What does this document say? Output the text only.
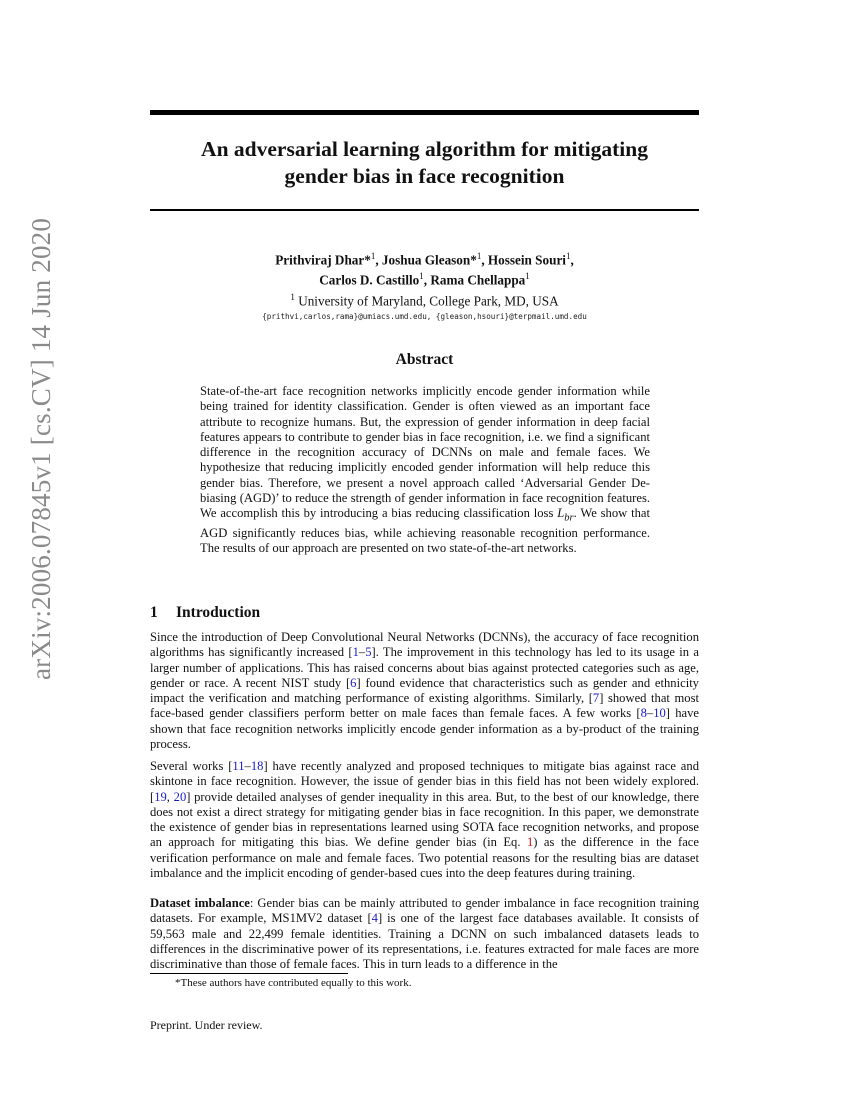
arXiv:2006.07845v1 [cs.CV] 14 Jun 2020
An adversarial learning algorithm for mitigating
gender bias in face recognition
Prithviraj Dhar*$^1$, Joshua Gleason*$^1$, Hossein Souri$^1$,
Carlos D. Castillo$^1$, Rama Chellappa$^1$
$^1$ University of Maryland, College Park, MD, USA
{prithvi,carlos,rama}@umiacs.umd.edu, {gleason,hsouri}@terpmail.umd.edu
Abstract
State-of-the-art face recognition networks implicitly encode gender information while being trained for identity classification. Gender is often viewed as an important face attribute to recognize humans. But, the expression of gender information in deep facial features appears to contribute to gender bias in face recognition, i.e. we find a significant difference in the recognition accuracy of DCNNs on male and female faces. We hypothesize that reducing implicitly encoded gender information will help reduce this gender bias. Therefore, we present a novel approach called ‘Adversarial Gender De-biasing (AGD)’ to reduce the strength of gender information in face recognition features. We accomplish this by introducing a bias reducing classification loss $L_{br}$. We show that AGD significantly reduces bias, while achieving reasonable recognition performance. The results of our approach are presented on two state-of-the-art networks.
1 Introduction

Since the introduction of Deep Convolutional Neural Networks (DCNNs), the accuracy of face recognition algorithms has significantly increased [1–5]. The improvement in this technology has led to its usage in a larger number of applications. This has raised concerns about bias against protected categories such as age, gender or race. A recent NIST study [6] found evidence that characteristics such as gender and ethnicity impact the verification and matching performance of existing algorithms. Similarly, [7] showed that most face-based gender classifiers perform better on male faces than female faces. A few works [8–10] have shown that face recognition networks implicitly encode gender information as a by-product of the training process.

Several works [11–18] have recently analyzed and proposed techniques to mitigate bias against race and skintone in face recognition. However, the issue of gender bias in this field has not been widely explored. [19, 20] provide detailed analyses of gender inequality in this area. But, to the best of our knowledge, there does not exist a direct strategy for mitigating gender bias in face recognition. In this paper, we demonstrate the existence of gender bias in representations learned using SOTA face recognition networks, and propose an approach for mitigating this bias. We define gender bias (in Eq. 1) as the difference in the face verification performance on male and female faces. Two potential reasons for the resulting bias are dataset imbalance and the implicit encoding of gender-based cues into the deep features during training.

Dataset imbalance: Gender bias can be mainly attributed to gender imbalance in face recognition training datasets. For example, MS1MV2 dataset [4] is one of the largest face databases available. It consists of 59,563 male and 22,499 female identities. Training a DCNN on such imbalanced datasets leads to differences in the discriminative power of its representations, i.e. features extracted for male faces are more discriminative than those of female faces. This in turn leads to a difference in the

*These authors have contributed equally to this work.
Preprint. Under review.
